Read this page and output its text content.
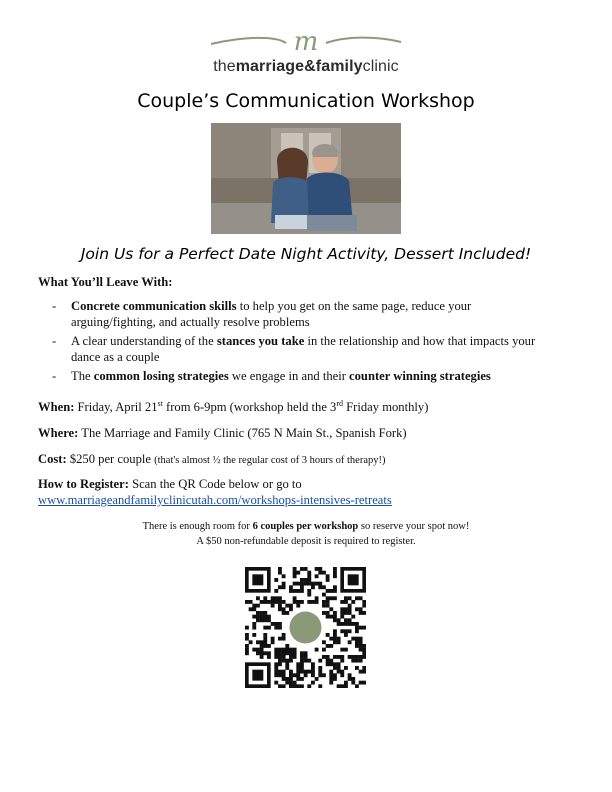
m
themarriage&familyclinic
Couple’s Communication Workshop
Join Us for a Perfect Date Night Activity, Dessert Included!
What You’ll Leave With:
- Concrete communication skills to help you get on the same page, reduce your arguing/fighting, and actually resolve problems
- A clear understanding of the stances you take in the relationship and how that impacts your dance as a couple
- The common losing strategies we engage in and their counter winning strategies
When: Friday, April 21st from 6-9pm (workshop held the 3rd Friday monthly)
Where: The Marriage and Family Clinic (765 N Main St., Spanish Fork)
Cost: $250 per couple (that's almost ½ the regular cost of 3 hours of therapy!)
How to Register: Scan the QR Code below or go to
www.marriageandfamilyclinicutah.com/workshops-intensives-retreats
There is enough room for 6 couples per workshop so reserve your spot now!
A $50 non-refundable deposit is required to register.
